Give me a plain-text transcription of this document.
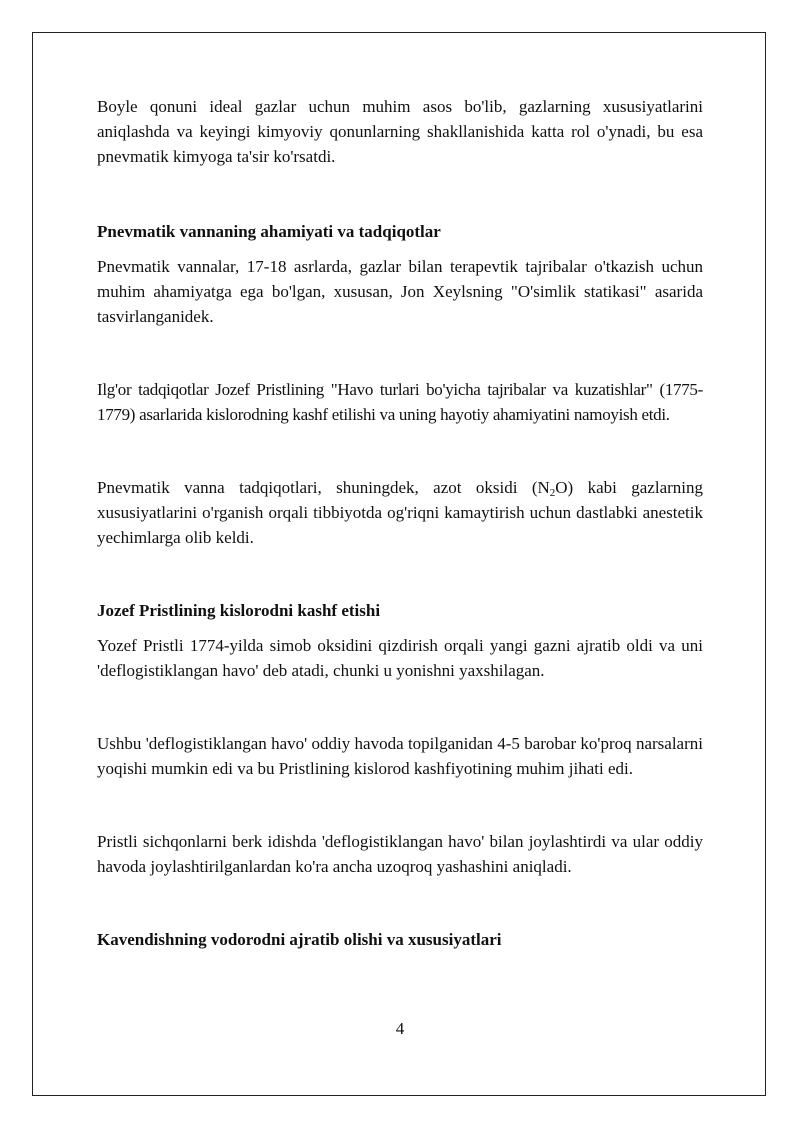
Boyle qonuni ideal gazlar uchun muhim asos bo'lib, gazlarning xususiyatlarini aniqlashda va keyingi kimyoviy qonunlarning shakllanishida katta rol o'ynadi, bu esa pnevmatik kimyoga ta'sir ko'rsatdi.

Pnevmatik vannaning ahamiyati va tadqiqotlar

Pnevmatik vannalar, 17-18 asrlarda, gazlar bilan terapevtik tajribalar o'tkazish uchun muhim ahamiyatga ega bo'lgan, xususan, Jon Xeylsning "O'simlik statikasi" asarida tasvirlanganidek.

Ilg'or tadqiqotlar Jozef Pristlining "Havo turlari bo'yicha tajribalar va kuzatishlar" (1775-1779) asarlarida kislorodning kashf etilishi va uning hayotiy ahamiyatini namoyish etdi.

Pnevmatik vanna tadqiqotlari, shuningdek, azot oksidi $(N_2O)$ kabi gazlarning xususiyatlarini o'rganish orqali tibbiyotda og'riqni kamaytirish uchun dastlabki anestetik yechimlarga olib keldi.

Jozef Pristlining kislorodni kashf etishi

Yozef Pristli 1774-yilda simob oksidini qizdirish orqali yangi gazni ajratib oldi va uni 'deflogistiklangan havo' deb atadi, chunki u yonishni yaxshilagan.

Ushbu 'deflogistiklangan havo' oddiy havoda topilganidan 4-5 barobar ko'proq narsalarni yoqishi mumkin edi va bu Pristlining kislorod kashfiyotining muhim jihati edi.

Pristli sichqonlarni berk idishda 'deflogistiklangan havo' bilan joylashtirdi va ular oddiy havoda joylashtirilganlardan ko'ra ancha uzoqroq yashashini aniqladi.

Kavendishning vodorodni ajratib olishi va xususiyatlari

4
